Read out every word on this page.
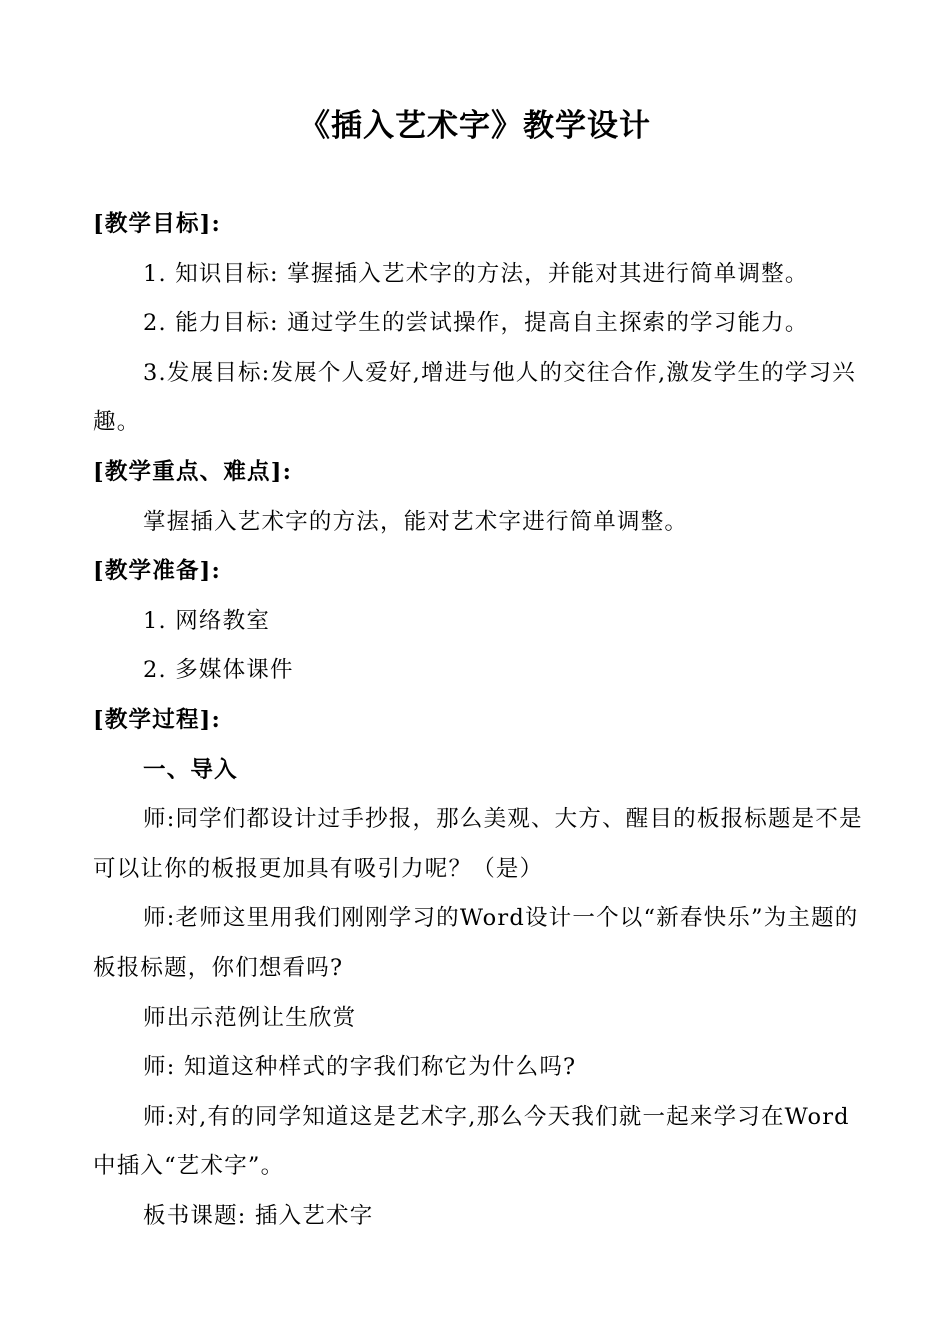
《插入艺术字》教学设计

[教学目标]:

1. 知识目标: 掌握插入艺术字的方法，并能对其进行简单调整。

2. 能力目标: 通过学生的尝试操作，提高自主探索的学习能力。

3.发展目标:发展个人爱好,增进与他人的交往合作,激发学生的学习兴趣。

[教学重点、难点]:

掌握插入艺术字的方法，能对艺术字进行简单调整。

[教学准备]:

1. 网络教室

2. 多媒体课件

[教学过程]:

一、导入

师:同学们都设计过手抄报，那么美观、大方、醒目的板报标题是不是可以让你的板报更加具有吸引力呢？（是）

师:老师这里用我们刚刚学习的Word设计一个以“新春快乐”为主题的板报标题，你们想看吗?

师出示范例让生欣赏

师: 知道这种样式的字我们称它为什么吗?

师:对,有的同学知道这是艺术字,那么今天我们就一起来学习在Word中插入“艺术字”。

板书课题: 插入艺术字
